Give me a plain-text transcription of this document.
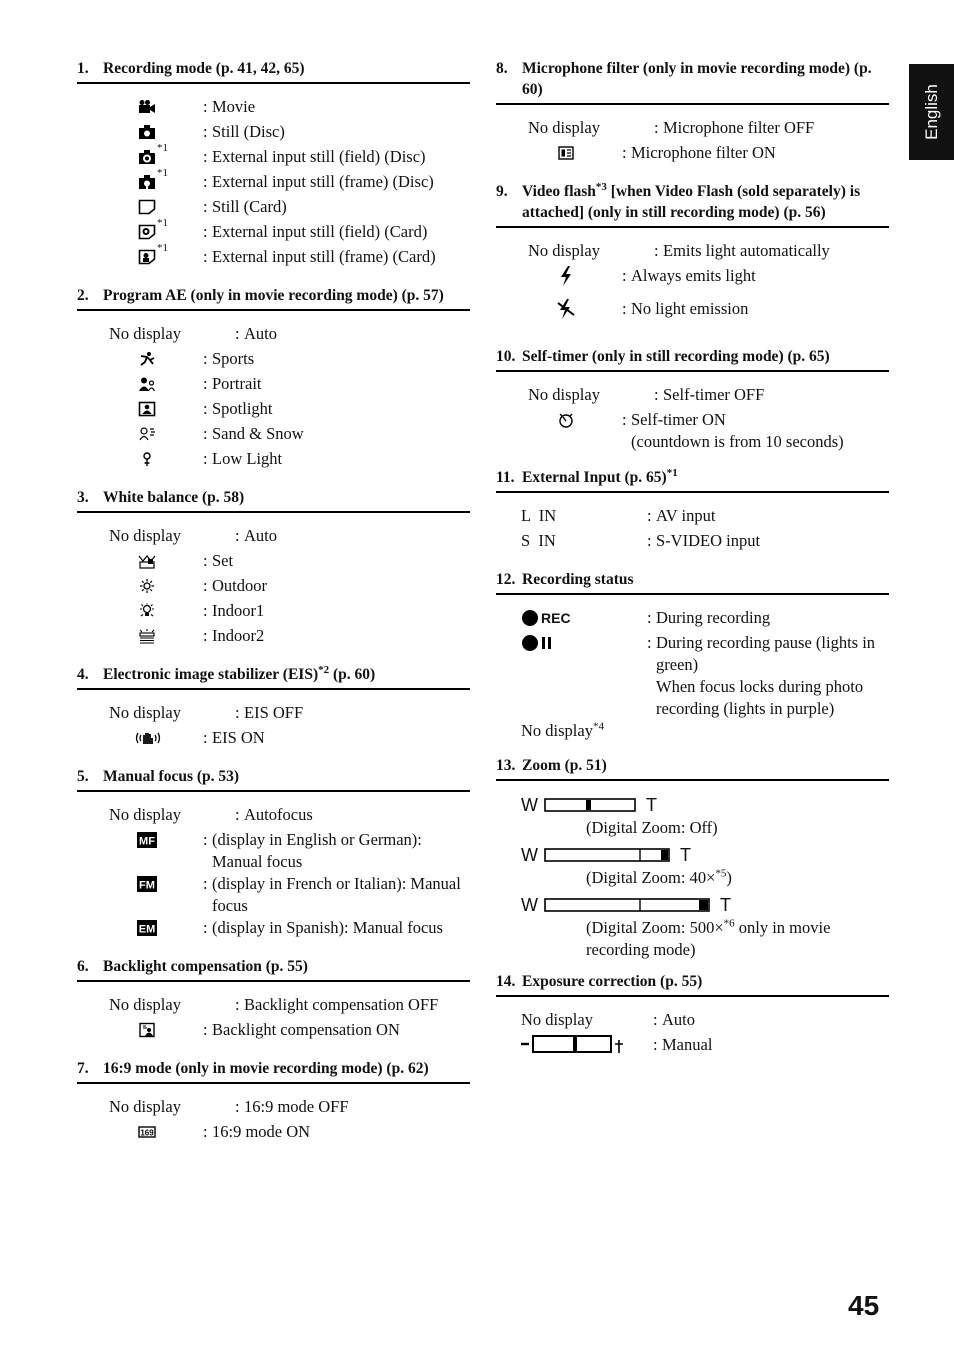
English
1. Recording mode (p. 41, 42, 65)
: Movie
: Still (Disc)
*1 : External input still (field) (Disc)
*1 : External input still (frame) (Disc)
: Still (Card)
*1 : External input still (field) (Card)
*1 : External input still (frame) (Card)
2. Program AE (only in movie recording mode) (p. 57)
No display	: Auto
: Sports
: Portrait
: Spotlight
: Sand & Snow
: Low Light
3. White balance (p. 58)
No display	: Auto
: Set
: Outdoor
: Indoor1
: Indoor2
4. Electronic image stabilizer (EIS)$^{*2}$ (p. 60)
No display	: EIS OFF
: EIS ON
5. Manual focus (p. 53)
No display	: Autofocus
MF	: (display in English or German): Manual focus
FM	: (display in French or Italian): Manual focus
EM	: (display in Spanish): Manual focus
6. Backlight compensation (p. 55)
No display	: Backlight compensation OFF
: Backlight compensation ON
7. 16:9 mode (only in movie recording mode) (p. 62)
No display	: 16:9 mode OFF
169	: 16:9 mode ON
8. Microphone filter (only in movie recording mode) (p. 60)
No display	: Microphone filter OFF
: Microphone filter ON
9. Video flash$^{*3}$ [when Video Flash (sold separately) is attached] (only in still recording mode) (p. 56)
No display	: Emits light automatically
: Always emits light
: No light emission
10. Self-timer (only in still recording mode) (p. 65)
No display	: Self-timer OFF
: Self-timer ON
(countdown is from 10 seconds)
11. External Input (p. 65)$^{*1}$
L  IN	: AV input
S  IN	: S-VIDEO input
12. Recording status
REC	: During recording
: During recording pause (lights in green)
When focus locks during photo recording (lights in purple)
No display$^{*4}$
13. Zoom (p. 51)
W	T
(Digital Zoom: Off)
W	T
(Digital Zoom: 40×$^{*5}$)
W	T
(Digital Zoom: 500×$^{*6}$ only in movie recording mode)
14. Exposure correction (p. 55)
No display	: Auto
: Manual
45
